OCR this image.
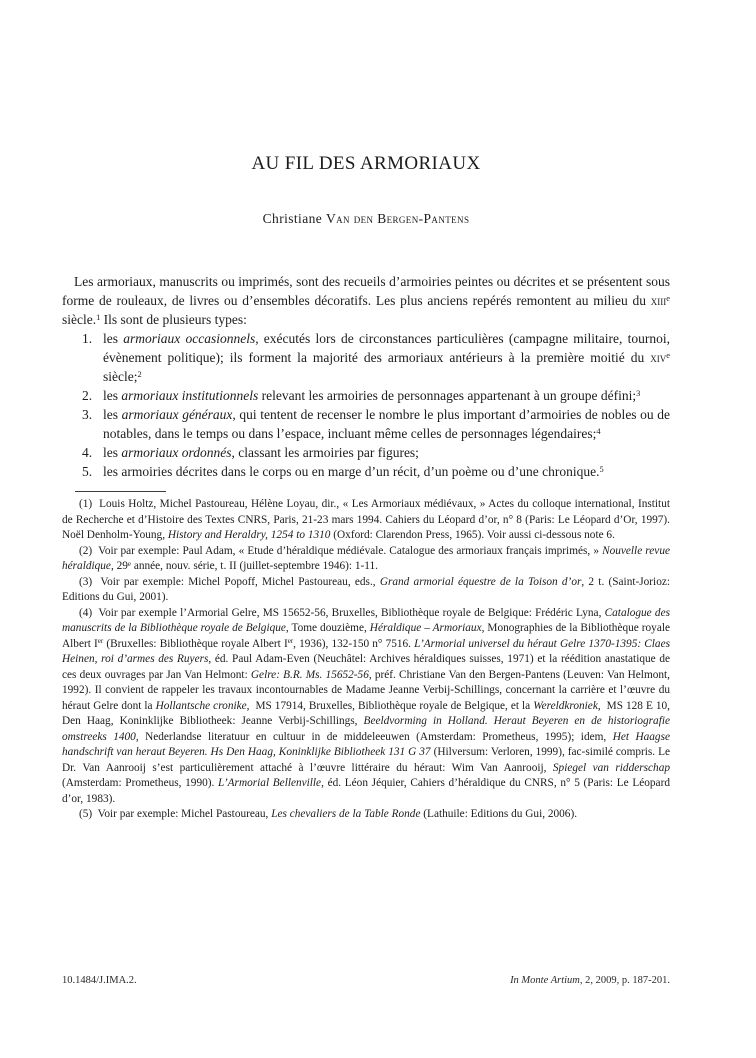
AU FIL DES ARMORIAUX
Christiane Van den Bergen-Pantens

Les armoriaux, manuscrits ou imprimés, sont des recueils d’armoiries peintes ou décrites et se présentent sous forme de rouleaux, de livres ou d’ensembles décoratifs. Les plus anciens repérés remontent au milieu du xiii$^e$ siècle.$^1$ Ils sont de plusieurs types:

1. les armoriaux occasionnels, exécutés lors de circonstances particulières (campagne militaire, tournoi, évènement politique); ils forment la majorité des armoriaux antérieurs à la première moitié du xiv$^e$ siècle;$^2$
2. les armoriaux institutionnels relevant les armoiries de personnages appartenant à un groupe défini;$^3$
3. les armoriaux généraux, qui tentent de recenser le nombre le plus important d’armoiries de nobles ou de notables, dans le temps ou dans l’espace, incluant même celles de personnages légendaires;$^4$
4. les armoriaux ordonnés, classant les armoiries par figures;
5. les armoiries décrites dans le corps ou en marge d’un récit, d’un poème ou d’une chronique.$^5$

(1)  Louis Holtz, Michel Pastoureau, Hélène Loyau, dir., « Les Armoriaux médiévaux, » Actes du colloque international, Institut de Recherche et d’Histoire des Textes CNRS, Paris, 21-23 mars 1994. Cahiers du Léopard d’or, n° 8 (Paris: Le Léopard d’Or, 1997). Noël Denholm-Young, History and Heraldry, 1254 to 1310 (Oxford: Clarendon Press, 1965). Voir aussi ci-dessous note 6.

(2)  Voir par exemple: Paul Adam, « Etude d’héraldique médiévale. Catalogue des armoriaux français imprimés, » Nouvelle revue héraldique, 29e année, nouv. série, t. II (juillet-septembre 1946): 1-11.

(3)  Voir par exemple: Michel Popoff, Michel Pastoureau, eds., Grand armorial équestre de la Toison d’or, 2 t. (Saint-Jorioz: Editions du Gui, 2001).

(4)  Voir par exemple l’Armorial Gelre, MS 15652-56, Bruxelles, Bibliothèque royale de Belgique: Frédéric Lyna, Catalogue des manuscrits de la Bibliothèque royale de Belgique, Tome douzième, Héraldique – Armoriaux, Monographies de la Bibliothèque royale Albert Ier (Bruxelles: Bibliothèque royale Albert Ier, 1936), 132-150 n° 7516. L’Armorial universel du héraut Gelre 1370-1395: Claes Heinen, roi d’armes des Ruyers, éd. Paul Adam-Even (Neuchâtel: Archives héraldiques suisses, 1971) et la réédition anastatique de ces deux ouvrages par Jan Van Helmont: Gelre: B.R. Ms. 15652-56, préf. Christiane Van den Bergen-Pantens (Leuven: Van Helmont, 1992). Il convient de rappeler les travaux incontournables de Madame Jeanne Verbij-Schillings, concernant la carrière et l’œuvre du héraut Gelre dont la Hollantsche cronike,  MS 17914, Bruxelles, Bibliothèque royale de Belgique, et la Wereldkroniek,  MS 128 E 10, Den Haag, Koninklijke Bibliotheek: Jeanne Verbij-Schillings, Beeldvorming in Holland. Heraut Beyeren en de historiografie omstreeks 1400, Nederlandse literatuur en cultuur in de middeleeuwen (Amsterdam: Prometheus, 1995); idem, Het Haagse handschrift van heraut Beyeren. Hs Den Haag, Koninklijke Bibliotheek 131 G 37 (Hilversum: Verloren, 1999), fac-similé compris. Le Dr. Van Aanrooij s’est particulièrement attaché à l’œuvre littéraire du héraut: Wim Van Aanrooij, Spiegel van ridderschap (Amsterdam: Prometheus, 1990). L’Armorial Bellenville, éd. Léon Jéquier, Cahiers d’héraldique du CNRS, n° 5 (Paris: Le Léopard d’or, 1983).

(5)  Voir par exemple: Michel Pastoureau, Les chevaliers de la Table Ronde (Lathuile: Editions du Gui, 2006).

10.1484/J.IMA.2.	In Monte Artium, 2, 2009, p. 187-201.
